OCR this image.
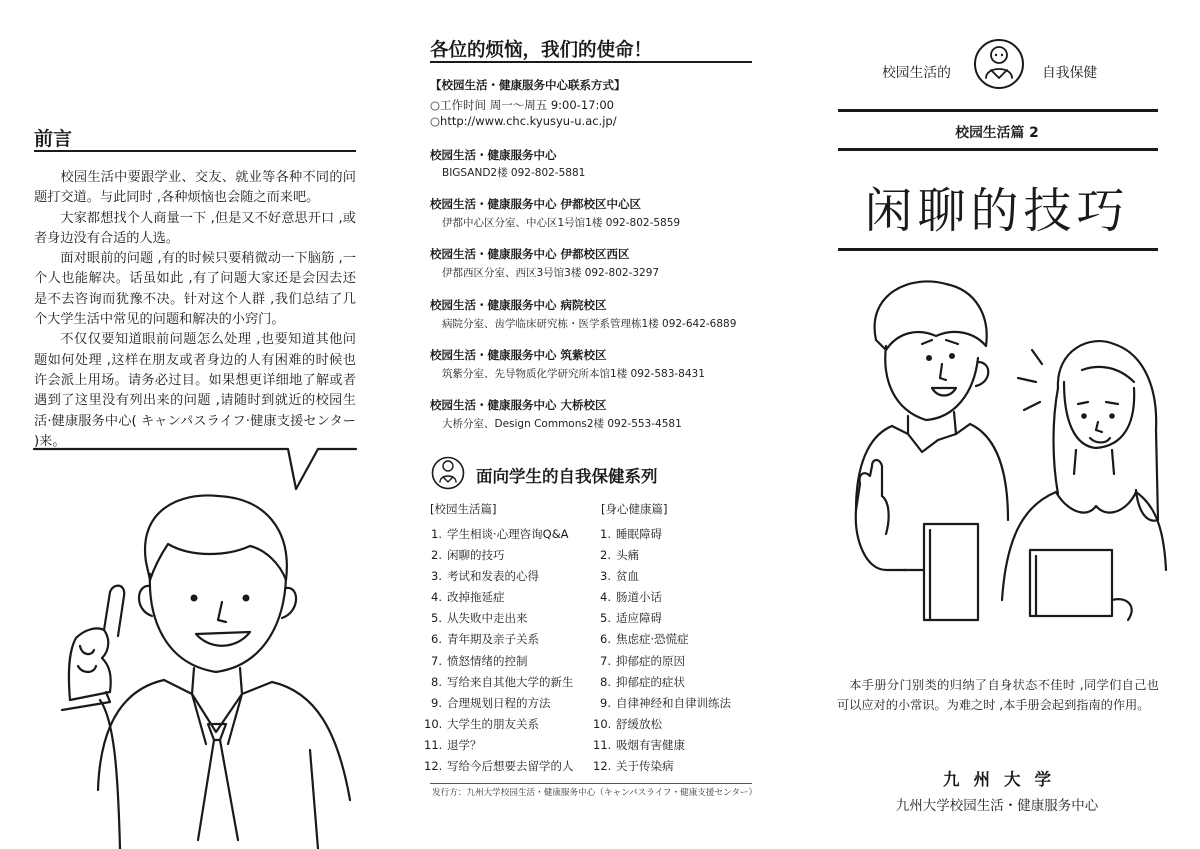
前言

校园生活中要跟学业、交友、就业等各种不同的问题打交道。与此同时 ,各种烦恼也会随之而来吧。

大家都想找个人商量一下 ,但是又不好意思开口 ,或者身边没有合适的人选。

面对眼前的问题 ,有的时候只要稍微动一下脑筋 ,一个人也能解决。话虽如此 ,有了问题大家还是会因去还是不去咨询而犹豫不决。针对这个人群 ,我们总结了几个大学生活中常见的问题和解决的小窍门。

不仅仅要知道眼前问题怎么处理 ,也要知道其他问题如何处理 ,这样在朋友或者身边的人有困难的时候也许会派上用场。请务必过目。如果想更详细地了解或者遇到了这里没有列出来的问题 ,请随时到就近的校园生活·健康服务中心( キャンパスライフ·健康支援センター )来。

各位的烦恼，我们的使命！
【校园生活・健康服务中心联系方式】
○工作时间 周一～周五 9:00-17:00
○http://www.chc.kyusyu-u.ac.jp/
校园生活・健康服务中心
BIGSAND2楼 092-802-5881
校园生活・健康服务中心 伊都校区中心区
伊都中心区分室、中心区1号馆1楼 092-802-5859
校园生活・健康服务中心 伊都校区西区
伊都西区分室、西区3号馆3楼 092-802-3297
校园生活・健康服务中心 病院校区
病院分室、齿学临床研究栋・医学系管理栋1楼 092-642-6889
校园生活・健康服务中心 筑紫校区
筑紫分室、先导物质化学研究所本馆1楼 092-583-8431
校园生活・健康服务中心 大桥校区
大桥分室、Design Commons2楼 092-553-4581
面向学生的自我保健系列
[校园生活篇]	[身心健康篇]
1. 学生相谈·心理咨询Q&A
2. 闲聊的技巧
3. 考试和发表的心得
4. 改掉拖延症
5. 从失败中走出来
6. 青年期及亲子关系
7. 愤怒情绪的控制
8. 写给来自其他大学的新生
9. 合理规划日程的方法
10. 大学生的朋友关系
11. 退学？
12. 写给今后想要去留学的人
1. 睡眠障碍
2. 头痛
3. 贫血
4. 肠道小话
5. 适应障碍
6. 焦虑症·恐慌症
7. 抑郁症的原因
8. 抑郁症的症状
9. 自律神经和自律训练法
10. 舒缓放松
11. 吸烟有害健康
12. 关于传染病
发行方：九州大学校园生活・健康服务中心（キャンパスライフ・健康支援センター）
校园生活的	自我保健
校园生活篇 2
闲聊的技巧
本手册分门别类的归纳了自身状态不佳时 ,同学们自己也可以应对的小常识。为难之时 ,本手册会起到指南的作用。
九州大学
九州大学校园生活・健康服务中心
